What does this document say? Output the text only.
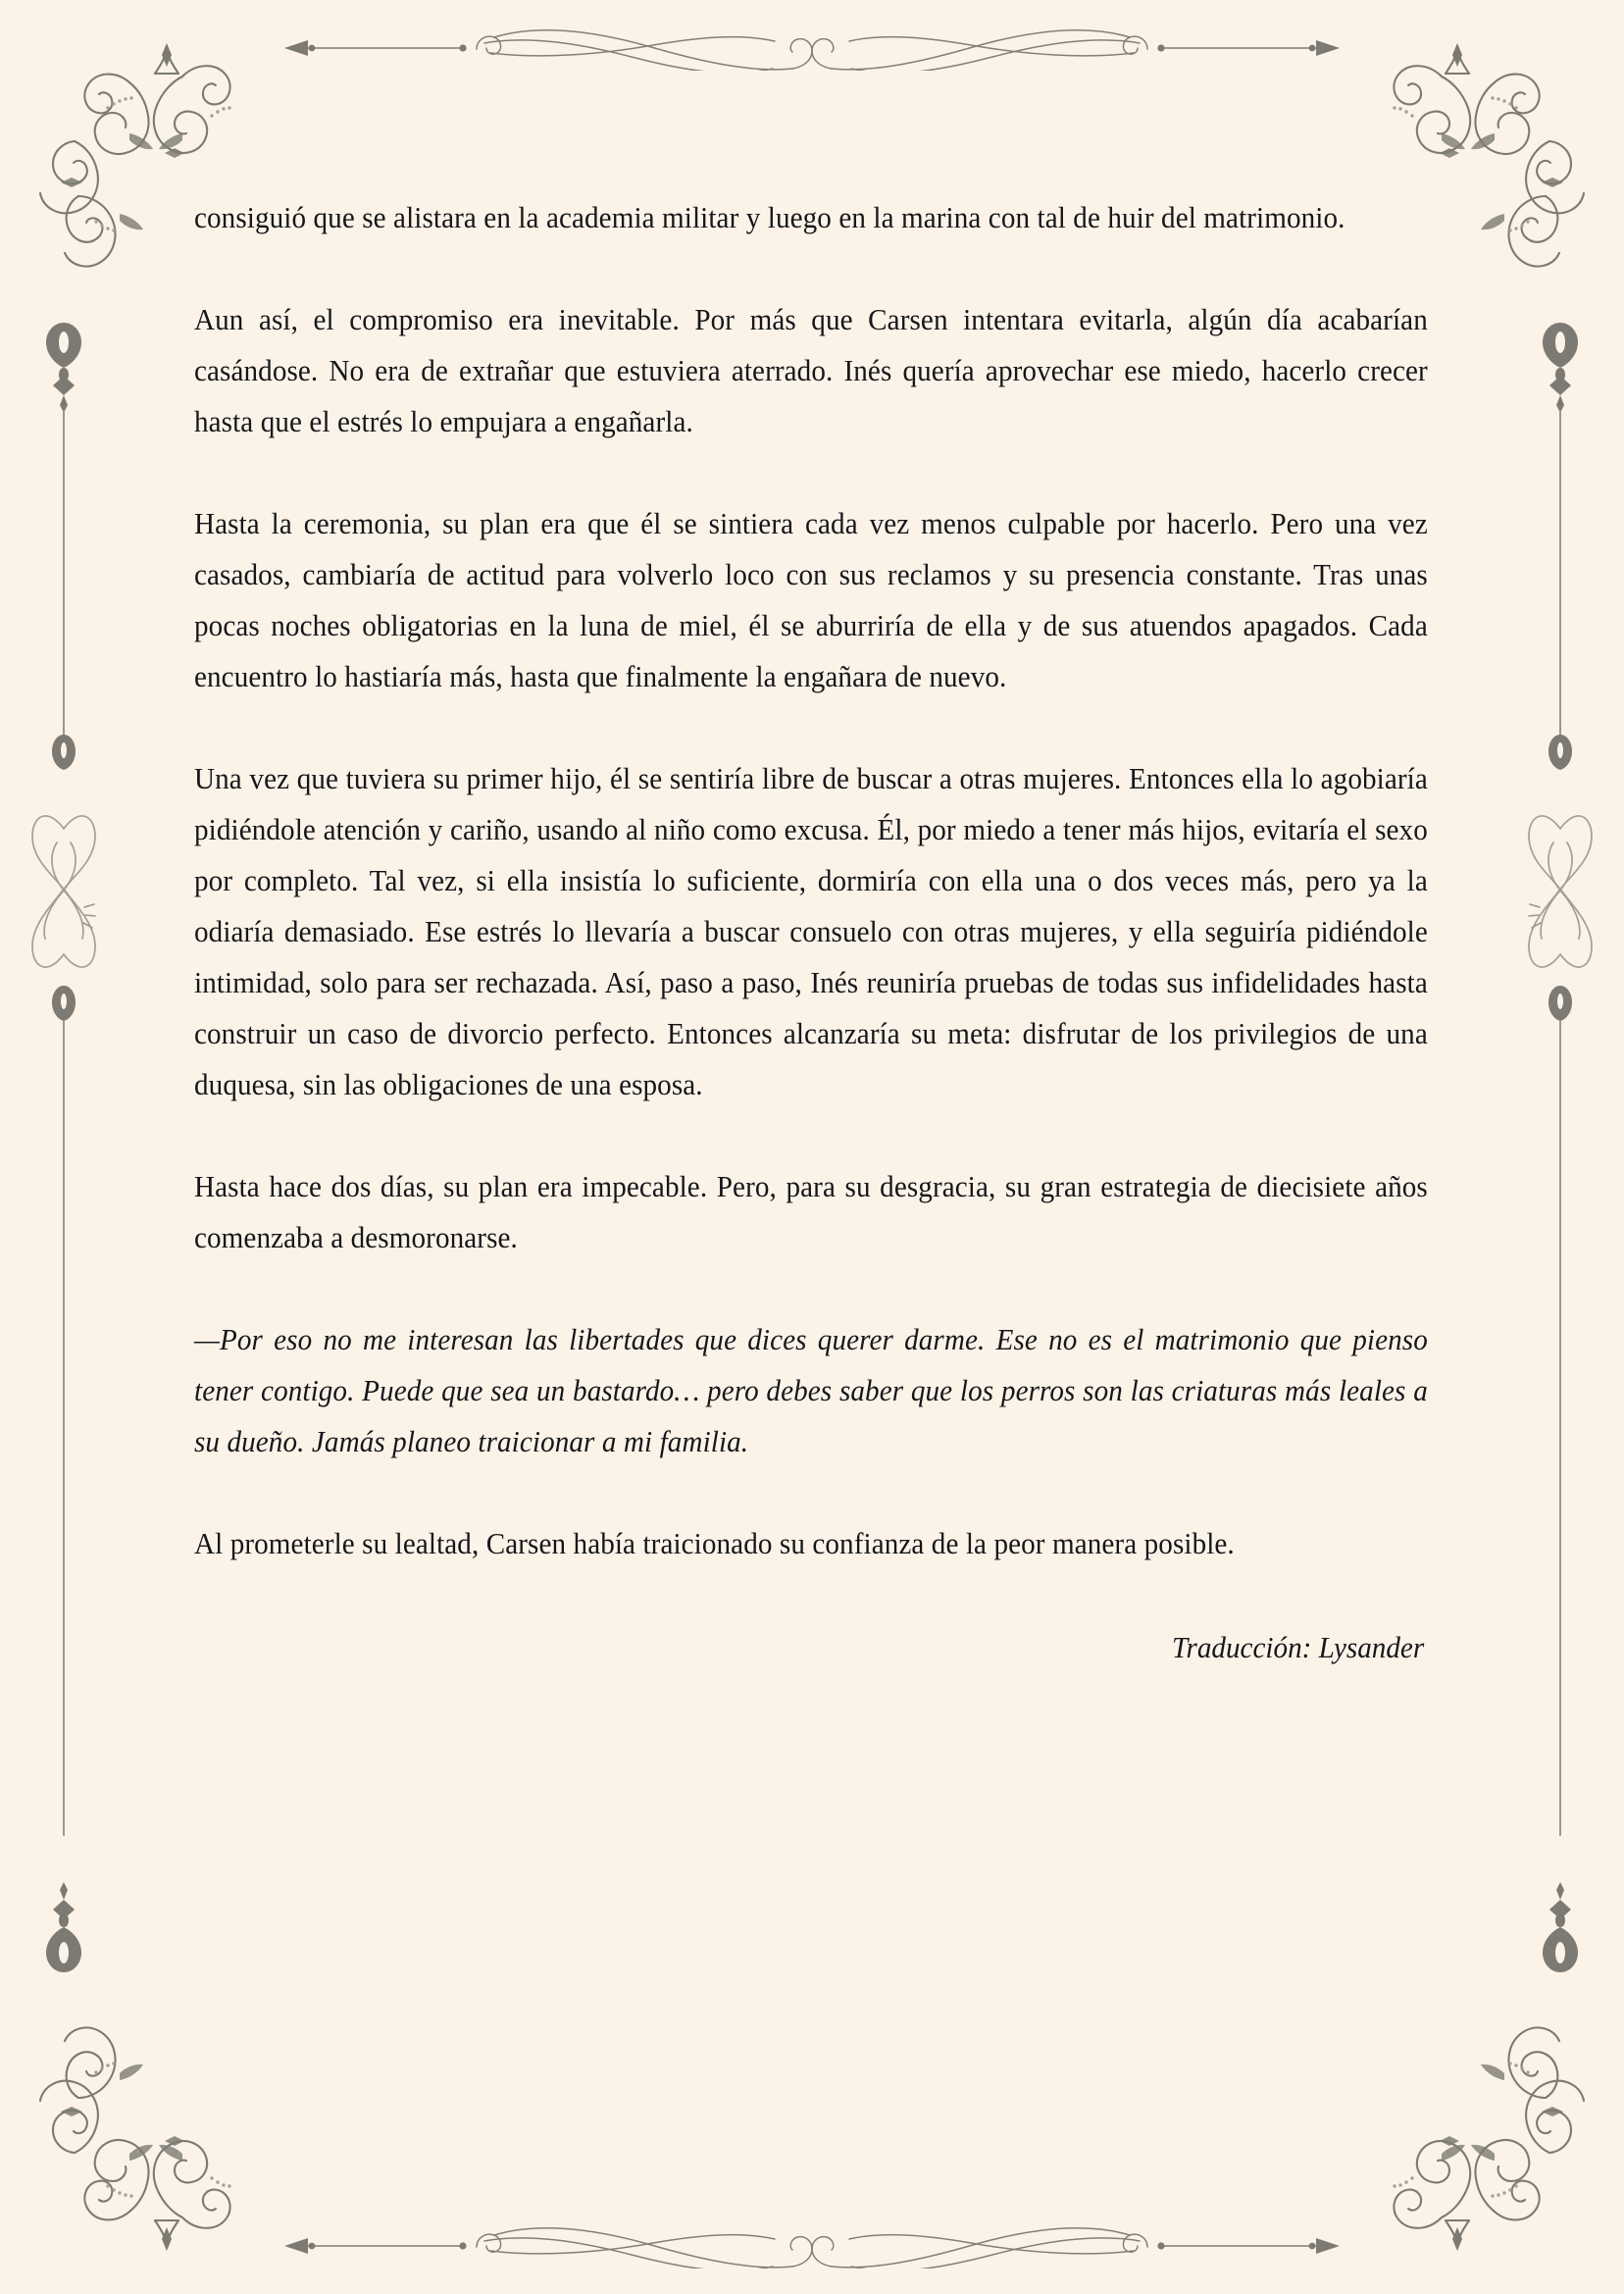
consiguió que se alistara en la academia militar y luego en la marina con tal de huir del matrimonio.

Aun así, el compromiso era inevitable. Por más que Carsen intentara evitarla, algún día acabarían casándose. No era de extrañar que estuviera aterrado. Inés quería aprovechar ese miedo, hacerlo crecer hasta que el estrés lo empujara a engañarla.

Hasta la ceremonia, su plan era que él se sintiera cada vez menos culpable por hacerlo. Pero una vez casados, cambiaría de actitud para volverlo loco con sus reclamos y su presencia constante. Tras unas pocas noches obligatorias en la luna de miel, él se aburriría de ella y de sus atuendos apagados. Cada encuentro lo hastiaría más, hasta que finalmente la engañara de nuevo.

Una vez que tuviera su primer hijo, él se sentiría libre de buscar a otras mujeres. Entonces ella lo agobiaría pidiéndole atención y cariño, usando al niño como excusa. Él, por miedo a tener más hijos, evitaría el sexo por completo. Tal vez, si ella insistía lo suficiente, dormiría con ella una o dos veces más, pero ya la odiaría demasiado. Ese estrés lo llevaría a buscar consuelo con otras mujeres, y ella seguiría pidiéndole intimidad, solo para ser rechazada. Así, paso a paso, Inés reuniría pruebas de todas sus infidelidades hasta construir un caso de divorcio perfecto. Entonces alcanzaría su meta: disfrutar de los privilegios de una duquesa, sin las obligaciones de una esposa.

Hasta hace dos días, su plan era impecable. Pero, para su desgracia, su gran estrategia de diecisiete años comenzaba a desmoronarse.

—Por eso no me interesan las libertades que dices querer darme. Ese no es el matrimonio que pienso tener contigo. Puede que sea un bastardo… pero debes saber que los perros son las criaturas más leales a su dueño. Jamás planeo traicionar a mi familia.

Al prometerle su lealtad, Carsen había traicionado su confianza de la peor manera posible.

Traducción: Lysander
